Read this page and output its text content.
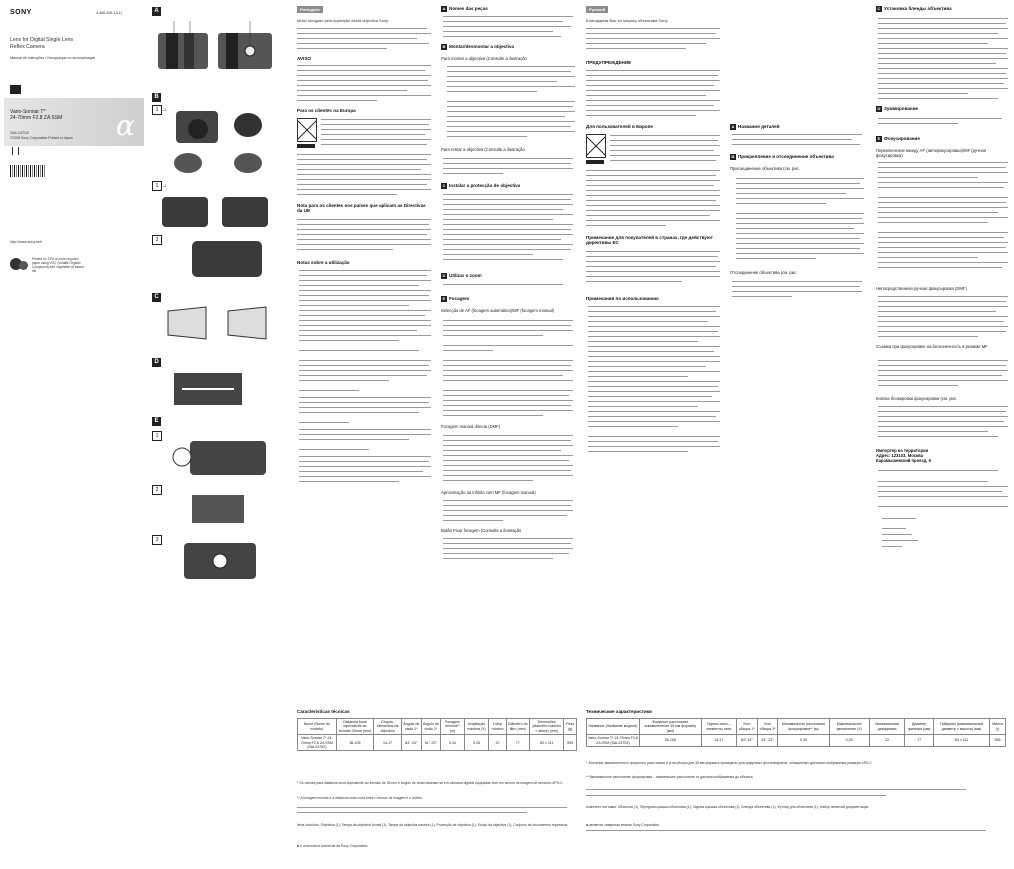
SONY	4-466-308-11(1)
Lens for Digital Single Lens
Reflex Camera
Manual de instruções / Инструкция по эксплуатации
Vario-Sonnar T*
24-70mm F2.8 ZA SSM
SAL2470Z
©2008 Sony Corporation Printed in Japan α
http://www.sony.net/
Printed on 70% or more recycled paper using VOC (Volatile Organic Compound)-free vegetable oil based ink.
A
B
1 –1
1 –2
2
C
D
E
1
2
3
Português
Muito obrigado pela aquisição desta objectiva Sony.
AVISO
Para os clientes na Europa
Nota para os clientes nos países que aplicam as Directivas da UE
Notas sobre a utilização
A Nomes das peças
B Montar/desmontar a objectiva
Para montar a objectiva (Consulte a ilustração
Para retirar a objectiva (Consulte a ilustração
C Instalar a protecção de objectiva
D Utilizar o zoom
E Focagem
Selecção de AF (focagem automática)/MF (focagem manual)
Focagem manual directa (DMF)
Aproximação ao infinito com MF (focagem manual)
Botão Fixar focagem (Consulte a ilustração
Русский
Благодарим Вас за покупку объектива Sony.
ПРЕДУПРЕЖДЕНИЕ
Для пользователей в Европе
Примечание для покупателей в странах, где действуют директивы ЕС
Примечания по использованию
A Названия деталей
B Прикрепление и отсоединение объектива
Присоединение объектива (см. рис.
Отсоединение объектива (см. рис.
C Установка бленды объектива
D Зуммирование
E Фокусирование
Переключение между AF (автофокусировка)/MF (ручная фокусировка)
Непосредственная ручная фокусировка (DMF)
Съемка при фокусировке на бесконечность в режиме MF
Кнопка блокировки фокусировки (см. рис.
Импортер на территории
Адрес: 123103, Москва
Карамышевский проезд, 6
Características técnicas
Nome (Nome do modelo)	Distância focal equivalente ao formato 35mm (mm)	Grupos-elementos da objectiva	Ângulo de visão 1*	Ângulo de visão 2*	Focagem mínima** (m)	Ampliação máxima (X)	f-stop mínimo	Diâmetro do filtro (mm)	Dimensões (diâmetro máximo × altura) (mm)	Peso (g)
Vario-Sonnar T* 24-70mm F2.8 ZA SSM (SAL2470Z)	36-105	14-17	84°-34°	61°-23°	0,34	0,25	22	77	83 × 111	955
* Os valores para distância focal equivalente ao formato de 35 mm e ângulo de visão baseiam-se em câmaras digitais equipadas com um sensor de imagem de tamanho APS-C.
** A focagem mínima é a distância mais curta entre o sensor de imagem e o motivo.
Itens incluídos: Objectiva (1), Tampa da objectiva frontal (1), Tampa da objectiva traseira (1), Protecção de objectiva (1), Estojo da objectiva (1), Conjunto de documentos impressos
α é uma marca comercial da Sony Corporation.
Технические характеристики
Название (Название модели)	Фокусное расстояние эквивалентное 35 мм формату (мм)	Группы линз – элементы линз	Угол обзора 1*	Угол обзора 2*	Минимальное расстояние фокусировки** (м)	Максимальное увеличение (X)	Минимальная диафрагма	Диаметр фильтра (мм)	Габариты (максимальный диаметр × высота) (мм)	Масса (г)
Vario-Sonnar T* 24-70mm F2.8 ZA SSM (SAL2470Z)	36-105	14-17	84°-34°	61°-23°	0,34	0,25	22	77	83 × 111	955
* Значения эквивалентного фокусного расстояния и угла обзора для 35 мм формата приведены для цифровых фотоаппаратов, оснащенных датчиком изображения размера APS-C.
** Минимальное расстояние фокусировки – наименьшее расстояние от датчика изображения до объекта.
Комплект поставки: Объектив (1), Передняя крышка объектива (1), Задняя крышка объектива (1), Бленда объектива (1), Футляр для объектива (1), Набор печатной документации
α является товарным знаком Sony Corporation.
